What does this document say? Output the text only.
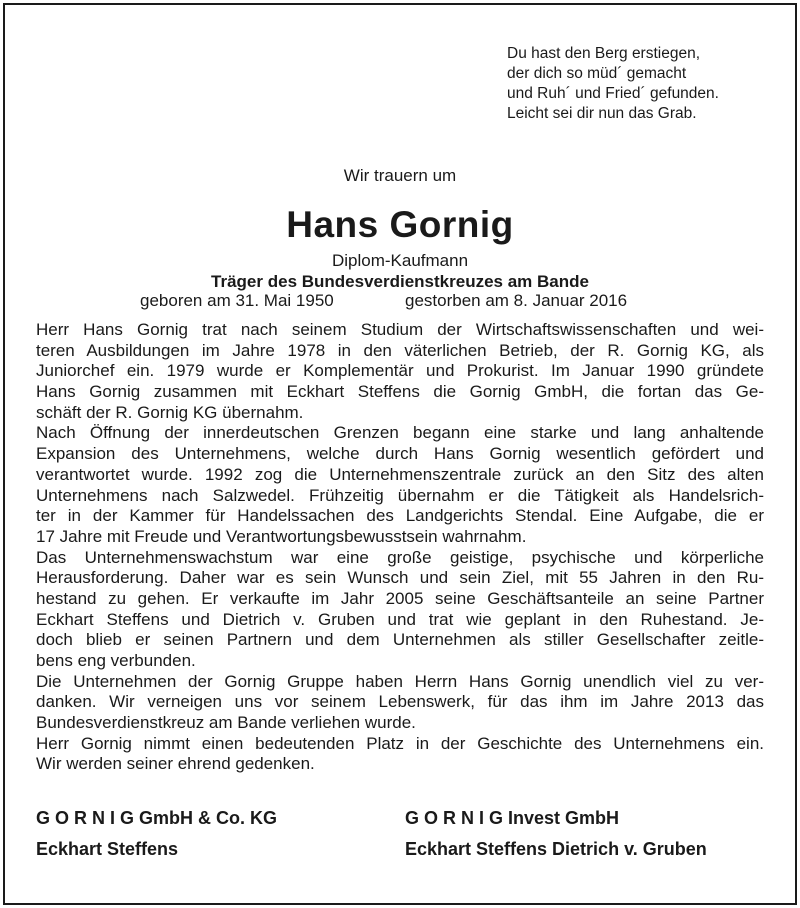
Du hast den Berg erstiegen,
der dich so müd´ gemacht
und Ruh´ und Fried´ gefunden.
Leicht sei dir nun das Grab.
Wir trauern um
Hans Gornig
Diplom-Kaufmann
Träger des Bundesverdienstkreuzes am Bande
geboren am 31. Mai 1950	gestorben am 8. Januar 2016
Herr Hans Gornig trat nach seinem Studium der Wirtschaftswissenschaften und wei-
teren Ausbildungen im Jahre 1978 in den väterlichen Betrieb, der R. Gornig KG, als
Juniorchef ein. 1979 wurde er Komplementär und Prokurist. Im Januar 1990 gründete
Hans Gornig zusammen mit Eckhart Steffens die Gornig GmbH, die fortan das Ge-
schäft der R. Gornig KG übernahm.
Nach Öffnung der innerdeutschen Grenzen begann eine starke und lang anhaltende
Expansion des Unternehmens, welche durch Hans Gornig wesentlich gefördert und
verantwortet wurde. 1992 zog die Unternehmenszentrale zurück an den Sitz des alten
Unternehmens nach Salzwedel. Frühzeitig übernahm er die Tätigkeit als Handelsrich-
ter in der Kammer für Handelssachen des Landgerichts Stendal. Eine Aufgabe, die er
17 Jahre mit Freude und Verantwortungsbewusstsein wahrnahm.
Das Unternehmenswachstum war eine große geistige, psychische und körperliche
Herausforderung. Daher war es sein Wunsch und sein Ziel, mit 55 Jahren in den Ru-
hestand zu gehen. Er verkaufte im Jahr 2005 seine Geschäftsanteile an seine Partner
Eckhart Steffens und Dietrich v. Gruben und trat wie geplant in den Ruhestand. Je-
doch blieb er seinen Partnern und dem Unternehmen als stiller Gesellschafter zeitle-
bens eng verbunden.
Die Unternehmen der Gornig Gruppe haben Herrn Hans Gornig unendlich viel zu ver-
danken. Wir verneigen uns vor seinem Lebenswerk, für das ihm im Jahre 2013 das
Bundesverdienstkreuz am Bande verliehen wurde.
Herr Gornig nimmt einen bedeutenden Platz in der Geschichte des Unternehmens ein.
Wir werden seiner ehrend gedenken.
G O R N I G GmbH & Co. KG	G O R N I G Invest GmbH
Eckhart Steffens	Eckhart Steffens Dietrich v. Gruben
